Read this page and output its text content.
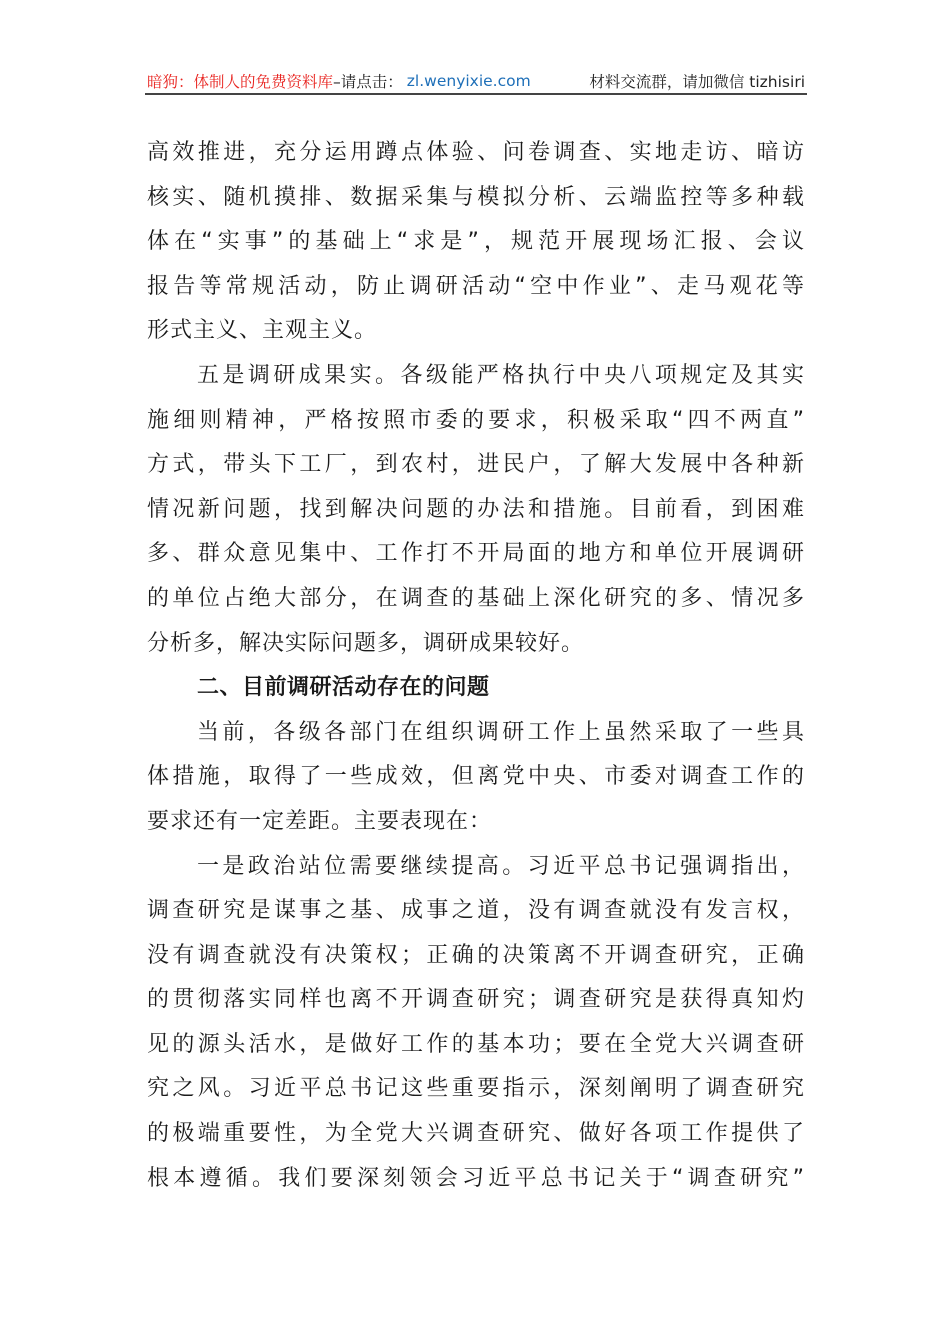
暗狗：体制人的免费资料库 –请点击： zl.wenyixie.com	材料交流群，请加微信 tizhisiri
高效推进，充分运用蹲点体验、问卷调查、实地走访、暗访
核实、随机摸排、数据采集与模拟分析、云端监控等多种载
体在“实事”的基础上“求是”，规范开展现场汇报、会议
报告等常规活动，防止调研活动“空中作业”、走马观花等
形式主义、主观主义。
五是调研成果实。各级能严格执行中央八项规定及其实
施细则精神，严格按照市委的要求，积极采取“四不两直”
方式，带头下工厂，到农村，进民户，了解大发展中各种新
情况新问题，找到解决问题的办法和措施。目前看，到困难
多、群众意见集中、工作打不开局面的地方和单位开展调研
的单位占绝大部分，在调查的基础上深化研究的多、情况多
分析多，解决实际问题多，调研成果较好。
二、目前调研活动存在的问题
当前，各级各部门在组织调研工作上虽然采取了一些具
体措施，取得了一些成效，但离党中央、市委对调查工作的
要求还有一定差距。主要表现在：
一是政治站位需要继续提高。习近平总书记强调指出，
调查研究是谋事之基、成事之道，没有调查就没有发言权，
没有调查就没有决策权；正确的决策离不开调查研究，正确
的贯彻落实同样也离不开调查研究；调查研究是获得真知灼
见的源头活水，是做好工作的基本功；要在全党大兴调查研
究之风。习近平总书记这些重要指示，深刻阐明了调查研究
的极端重要性，为全党大兴调查研究、做好各项工作提供了
根本遵循。我们要深刻领会习近平总书记关于“调查研究”
